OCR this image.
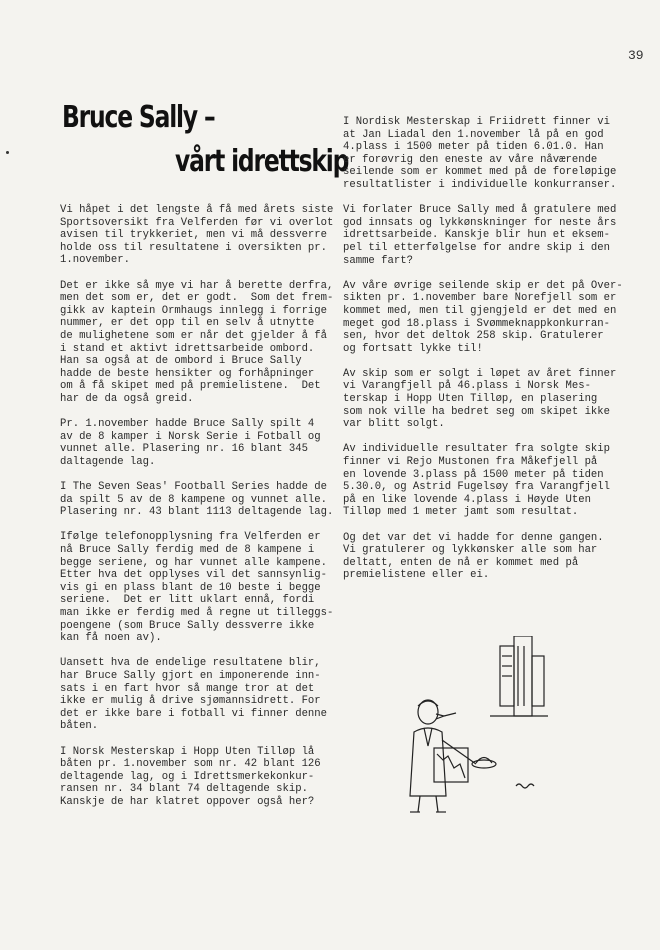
39
Bruce Sally –
vårt idrettskip

Vi håpet i det lengste å få med årets siste
Sportsoversikt fra Velferden før vi overlot
avisen til trykkeriet, men vi må dessverre
holde oss til resultatene i oversikten pr.
1.november.

Det er ikke så mye vi har å berette derfra,
men det som er, det er godt.  Som det frem-
gikk av kaptein Ormhaugs innlegg i forrige
nummer, er det opp til en selv å utnytte
de mulighetene som er når det gjelder å få
i stand et aktivt idrettsarbeide ombord.
Han sa også at de ombord i Bruce Sally
hadde de beste hensikter og forhåpninger
om å få skipet med på premielistene.  Det
har de da også greid.

Pr. 1.november hadde Bruce Sally spilt 4
av de 8 kamper i Norsk Serie i Fotball og
vunnet alle. Plasering nr. 16 blant 345
daltagende lag.

I The Seven Seas' Football Series hadde de
da spilt 5 av de 8 kampene og vunnet alle.
Plasering nr. 43 blant 1113 deltagende lag.

Ifølge telefonopplysning fra Velferden er
nå Bruce Sally ferdig med de 8 kampene i
begge seriene, og har vunnet alle kampene.
Etter hva det opplyses vil det sannsynlig-
vis gi en plass blant de 10 beste i begge
seriene.  Det er litt uklart ennå, fordi
man ikke er ferdig med å regne ut tilleggs-
poengene (som Bruce Sally dessverre ikke
kan få noen av).

Uansett hva de endelige resultatene blir,
har Bruce Sally gjort en imponerende inn-
sats i en fart hvor så mange tror at det
ikke er mulig å drive sjømannsidrett. For
det er ikke bare i fotball vi finner denne
båten.

I Norsk Mesterskap i Hopp Uten Tilløp lå
båten pr. 1.november som nr. 42 blant 126
deltagende lag, og i Idrettsmerkekonkur-
ransen nr. 34 blant 74 deltagende skip.
Kanskje de har klatret oppover også her?

I Nordisk Mesterskap i Friidrett finner vi
at Jan Liadal den 1.november lå på en god
4.plass i 1500 meter på tiden 6.01.0. Han
er forøvrig den eneste av våre nåværende
seilende som er kommet med på de foreløpige
resultatlister i individuelle konkurranser.

Vi forlater Bruce Sally med å gratulere med
god innsats og lykkønskninger for neste års
idrettsarbeide. Kanskje blir hun et eksem-
pel til etterfølgelse for andre skip i den
samme fart?

Av våre øvrige seilende skip er det på Over-
sikten pr. 1.november bare Norefjell som er
kommet med, men til gjengjeld er det med en
meget god 18.plass i Svømmeknappkonkurran-
sen, hvor det deltok 258 skip. Gratulerer
og fortsatt lykke til!

Av skip som er solgt i løpet av året finner
vi Varangfjell på 46.plass i Norsk Mes-
terskap i Hopp Uten Tilløp, en plasering
som nok ville ha bedret seg om skipet ikke
var blitt solgt.

Av individuelle resultater fra solgte skip
finner vi Rejo Mustonen fra Måkefjell på
en lovende 3.plass på 1500 meter på tiden
5.30.0, og Astrid Fugelsøy fra Varangfjell
på en like lovende 4.plass i Høyde Uten
Tilløp med 1 meter jamt som resultat.

Og det var det vi hadde for denne gangen.
Vi gratulerer og lykkønsker alle som har
deltatt, enten de nå er kommet med på
premielistene eller ei.
